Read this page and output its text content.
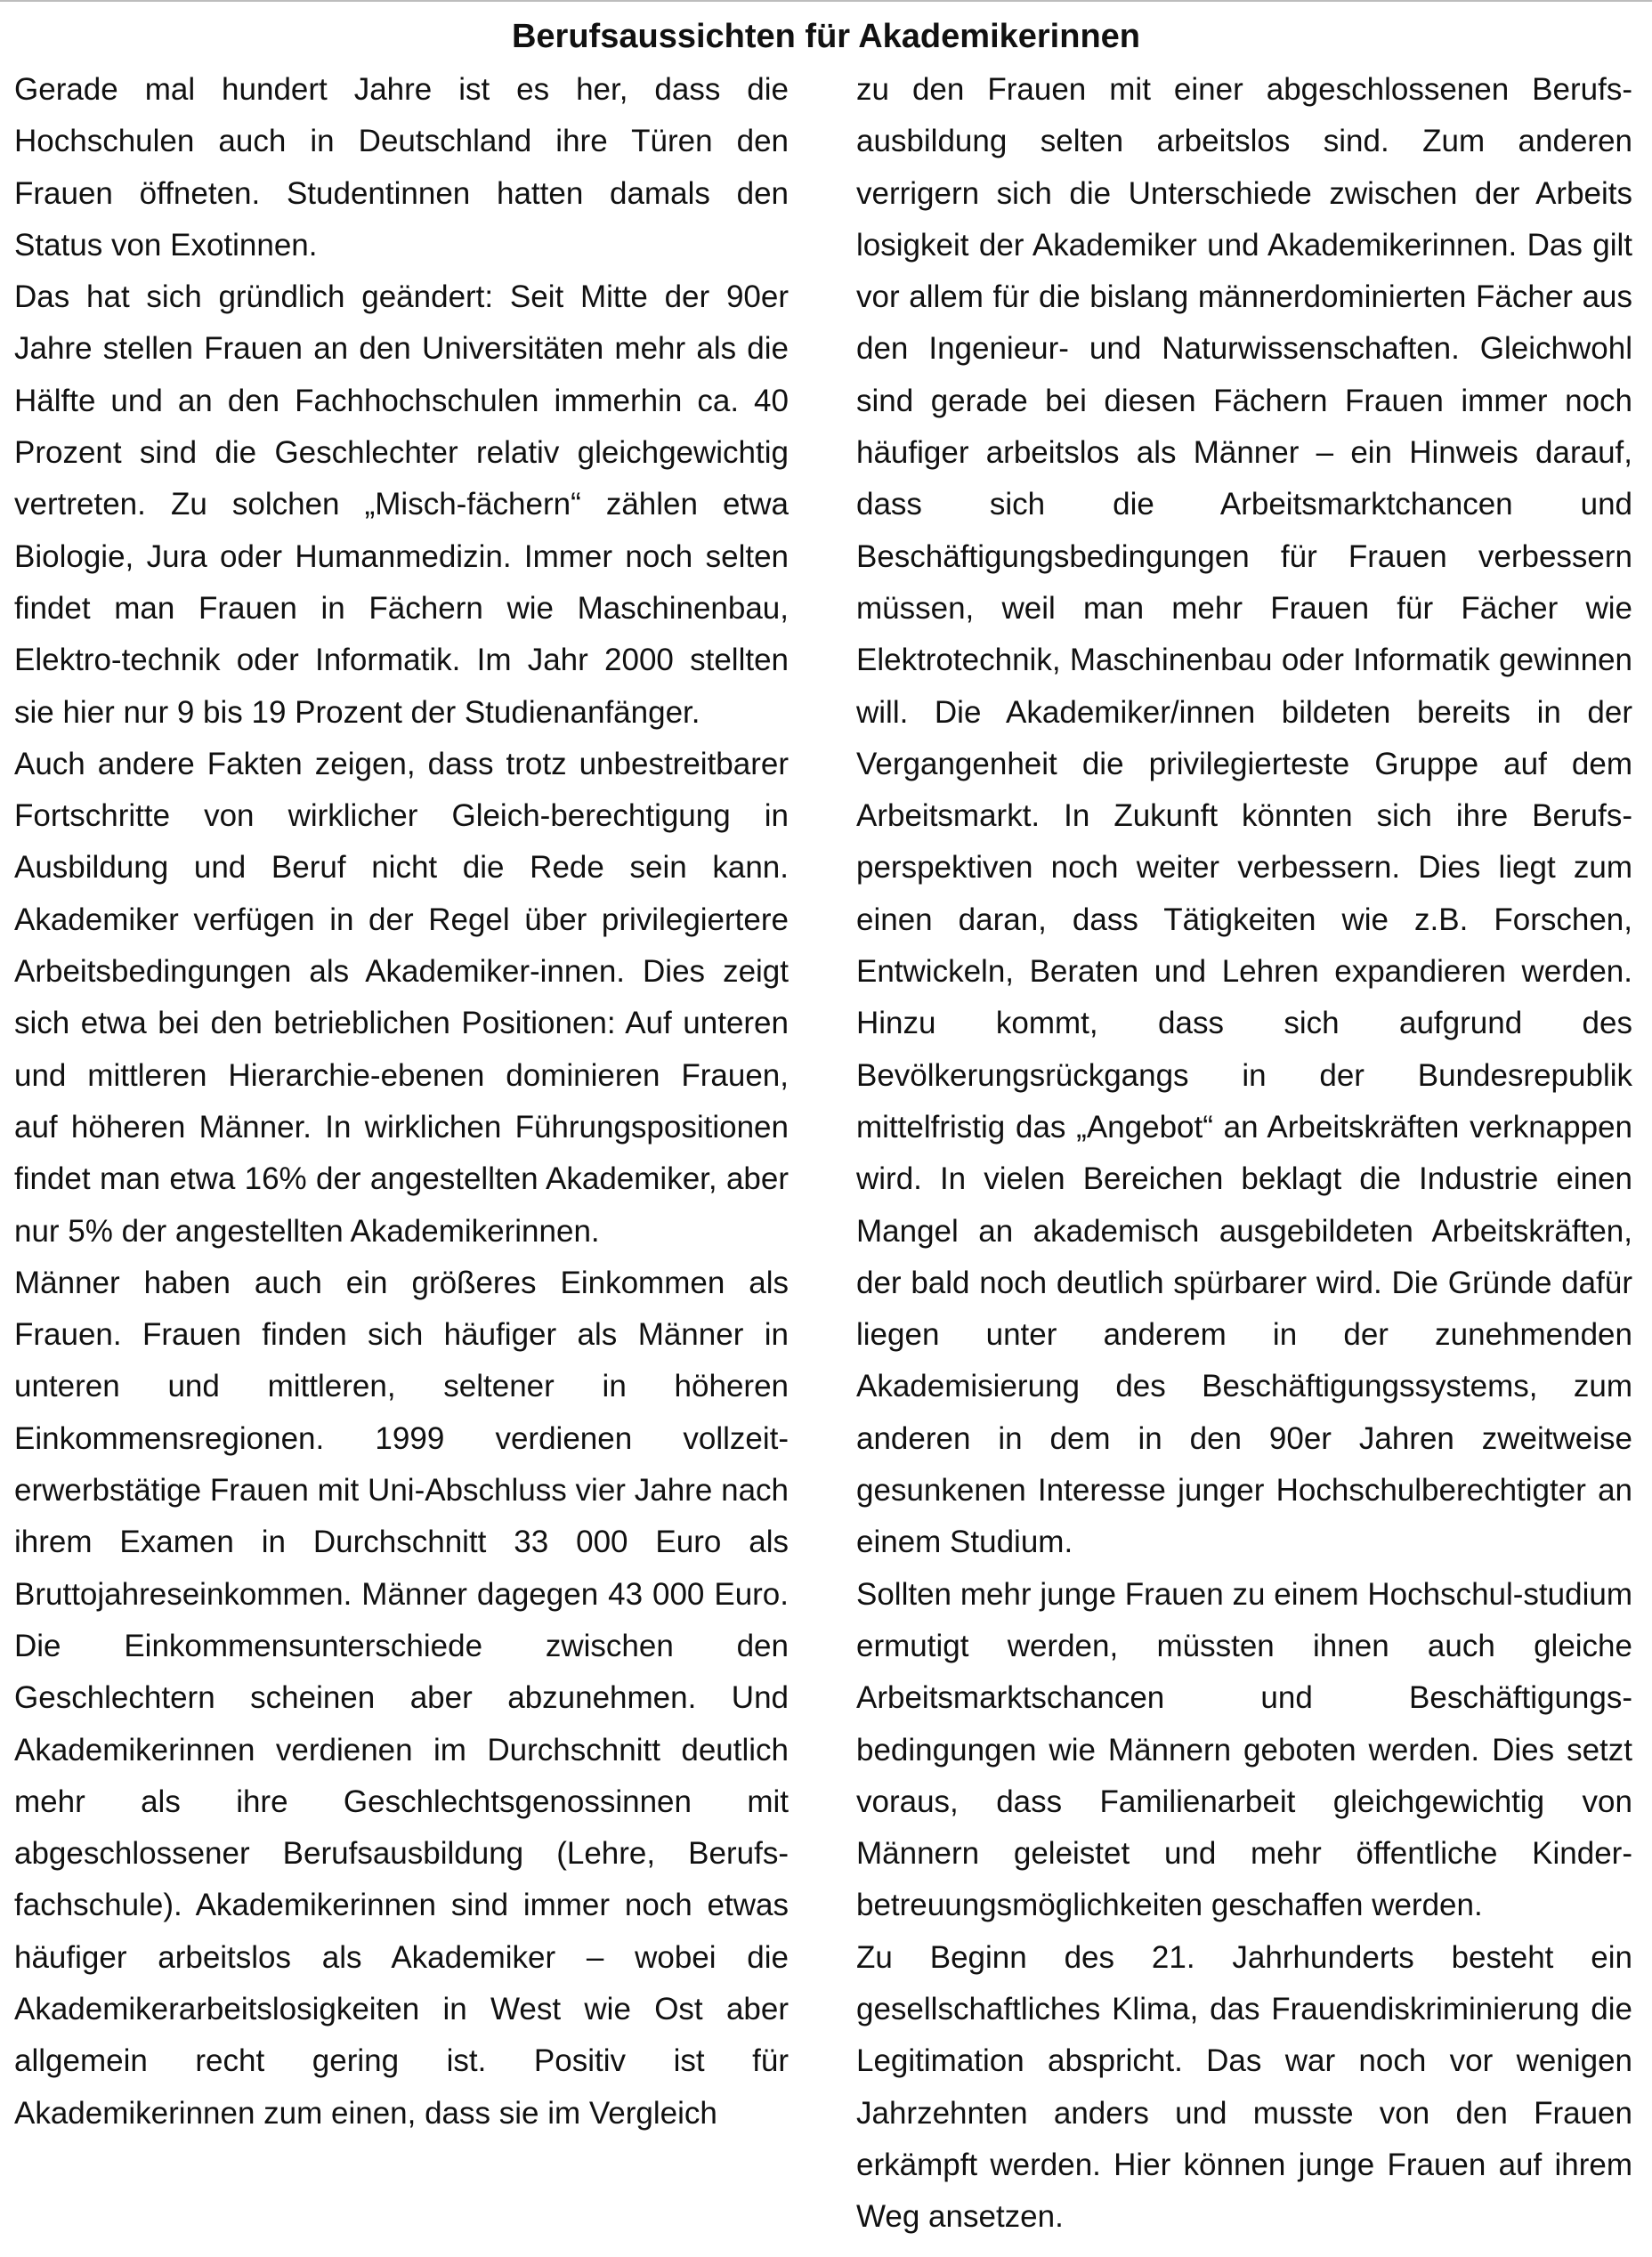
Berufsaussichten für Akademikerinnen

Gerade mal hundert Jahre ist es her, dass die Hochschulen auch in Deutschland ihre Türen den Frauen öffneten. Studentinnen hatten damals den Status von Exotinnen.

Das hat sich gründlich geändert: Seit Mitte der 90er Jahre stellen Frauen an den Universitäten mehr als die Hälfte und an den Fachhochschulen immerhin ca. 40 Prozent sind die Geschlechter relativ gleichgewichtig vertreten. Zu solchen „Misch-fächern“ zählen etwa Biologie, Jura oder Humanmedizin. Immer noch selten findet man Frauen in Fächern wie Maschinenbau, Elektro-technik oder Informatik. Im Jahr 2000 stellten sie hier nur 9 bis 19 Prozent der Studienanfänger.

Auch andere Fakten zeigen, dass trotz unbestreitbarer Fortschritte von wirklicher Gleich-berechtigung in Ausbildung und Beruf nicht die Rede sein kann. Akademiker verfügen in der Regel über privilegiertere Arbeitsbedingungen als Akademiker-innen. Dies zeigt sich etwa bei den betrieblichen Positionen: Auf unteren und mittleren Hierarchie-ebenen dominieren Frauen, auf höheren Männer. In wirklichen Führungspositionen findet man etwa 16% der angestellten Akademiker, aber nur 5% der angestellten Akademikerinnen.

Männer haben auch ein größeres Einkommen als Frauen. Frauen finden sich häufiger als Männer in unteren und mittleren, seltener in höheren Einkommensregionen. 1999 verdienen vollzeit-erwerbstätige Frauen mit Uni-Abschluss vier Jahre nach ihrem Examen in Durchschnitt 33 000 Euro als Bruttojahreseinkommen. Männer dagegen 43 000 Euro. Die Einkommensunterschiede zwischen den Geschlechtern scheinen aber abzunehmen. Und Akademikerinnen verdienen im Durchschnitt deutlich mehr als ihre Geschlechtsgenossinnen mit abgeschlossener Berufsausbildung (Lehre, Berufs-fachschule). Akademikerinnen sind immer noch etwas häufiger arbeitslos als Akademiker – wobei die Akademikerarbeitslosigkeiten in West wie Ost aber allgemein recht gering ist. Positiv ist für Akademikerinnen zum einen, dass sie im Vergleich

zu den Frauen mit einer abgeschlossenen Berufs-ausbildung selten arbeitslos sind. Zum anderen verrigern sich die Unterschiede zwischen der Arbeits losigkeit der Akademiker und Akademikerinnen. Das gilt vor allem für die bislang männerdominierten Fächer aus den Ingenieur- und Naturwissenschaften. Gleichwohl sind gerade bei diesen Fächern Frauen immer noch häufiger arbeitslos als Männer – ein Hinweis darauf, dass sich die Arbeitsmarktchancen und Beschäftigungsbedingungen für Frauen verbessern müssen, weil man mehr Frauen für Fächer wie Elektrotechnik, Maschinenbau oder Informatik gewinnen will. Die Akademiker/innen bildeten bereits in der Vergangenheit die privilegierteste Gruppe auf dem Arbeitsmarkt. In Zukunft könnten sich ihre Berufs- perspektiven noch weiter verbessern. Dies liegt zum einen daran, dass Tätigkeiten wie z.B. Forschen, Entwickeln, Beraten und Lehren expandieren werden. Hinzu kommt, dass sich aufgrund des Bevölkerungsrückgangs in der Bundesrepublik mittelfristig das „Angebot“ an Arbeitskräften verknappen wird. In vielen Bereichen beklagt die Industrie einen Mangel an akademisch ausgebildeten Arbeitskräften, der bald noch deutlich spürbarer wird. Die Gründe dafür liegen unter anderem in der zunehmenden Akademisierung des Beschäftigungssystems, zum anderen in dem in den 90er Jahren zweitweise gesunkenen Interesse junger Hochschulberechtigter an einem Studium.

Sollten mehr junge Frauen zu einem Hochschul-studium ermutigt werden, müssten ihnen auch gleiche Arbeitsmarktschancen und Beschäftigungs-bedingungen wie Männern geboten werden. Dies setzt voraus, dass Familienarbeit gleichgewichtig von Männern geleistet und mehr öffentliche Kinder-betreuungsmöglichkeiten geschaffen werden.

Zu Beginn des 21. Jahrhunderts besteht ein gesellschaftliches Klima, das Frauendiskriminierung die Legitimation abspricht. Das war noch vor wenigen Jahrzehnten anders und musste von den Frauen erkämpft werden. Hier können junge Frauen auf ihrem Weg ansetzen.
